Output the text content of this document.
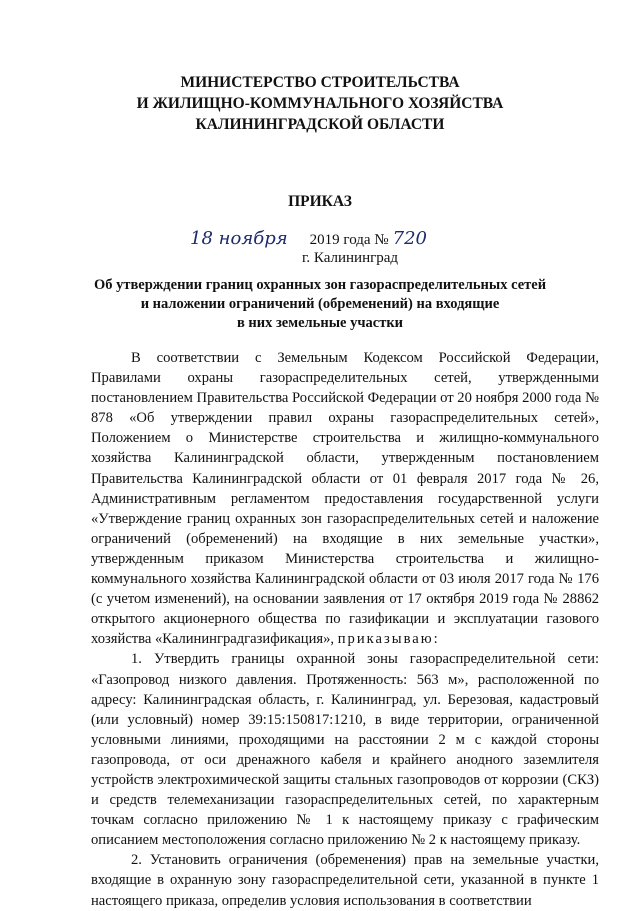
МИНИСТЕРСТВО СТРОИТЕЛЬСТВА
И ЖИЛИЩНО-КОММУНАЛЬНОГО ХОЗЯЙСТВА
КАЛИНИНГРАДСКОЙ ОБЛАСТИ
ПРИКАЗ
18 ноября 2019 года № 720
г. Калининград
Об утверждении границ охранных зон газораспределительных сетей
и наложении ограничений (обременений) на входящие
в них земельные участки

В соответствии с Земельным Кодексом Российской Федерации, Правилами охраны газораспределительных сетей, утвержденными постановлением Правительства Российской Федерации от 20 ноября 2000 года № 878 «Об утверждении правил охраны газораспределительных сетей», Положением о Министерстве строительства и жилищно-коммунального хозяйства Калининградской области, утвержденным постановлением Правительства Калининградской области от 01 февраля 2017 года № 26, Административным регламентом предоставления государственной услуги «Утверждение границ охранных зон газораспределительных сетей и наложение ограничений (обременений) на входящие в них земельные участки», утвержденным приказом Министерства строительства и жилищно-коммунального хозяйства Калининградской области от 03 июля 2017 года № 176 (с учетом изменений), на основании заявления от 17 октября 2019 года № 28862 открытого акционерного общества по газификации и эксплуатации газового хозяйства «Калининградгазификация», приказываю:

1. Утвердить границы охранной зоны газораспределительной сети: «Газопровод низкого давления. Протяженность: 563 м», расположенной по адресу: Калининградская область, г. Калининград, ул. Березовая, кадастровый (или условный) номер 39:15:150817:1210, в виде территории, ограниченной условными линиями, проходящими на расстоянии 2 м с каждой стороны газопровода, от оси дренажного кабеля и крайнего анодного заземлителя устройств электрохимической защиты стальных газопроводов от коррозии (СКЗ) и средств телемеханизации газораспределительных сетей, по характерным точкам согласно приложению № 1 к настоящему приказу с графическим описанием местоположения согласно приложению № 2 к настоящему приказу.

2. Установить ограничения (обременения) прав на земельные участки, входящие в охранную зону газораспределительной сети, указанной в пункте 1 настоящего приказа, определив условия использования в соответствии
